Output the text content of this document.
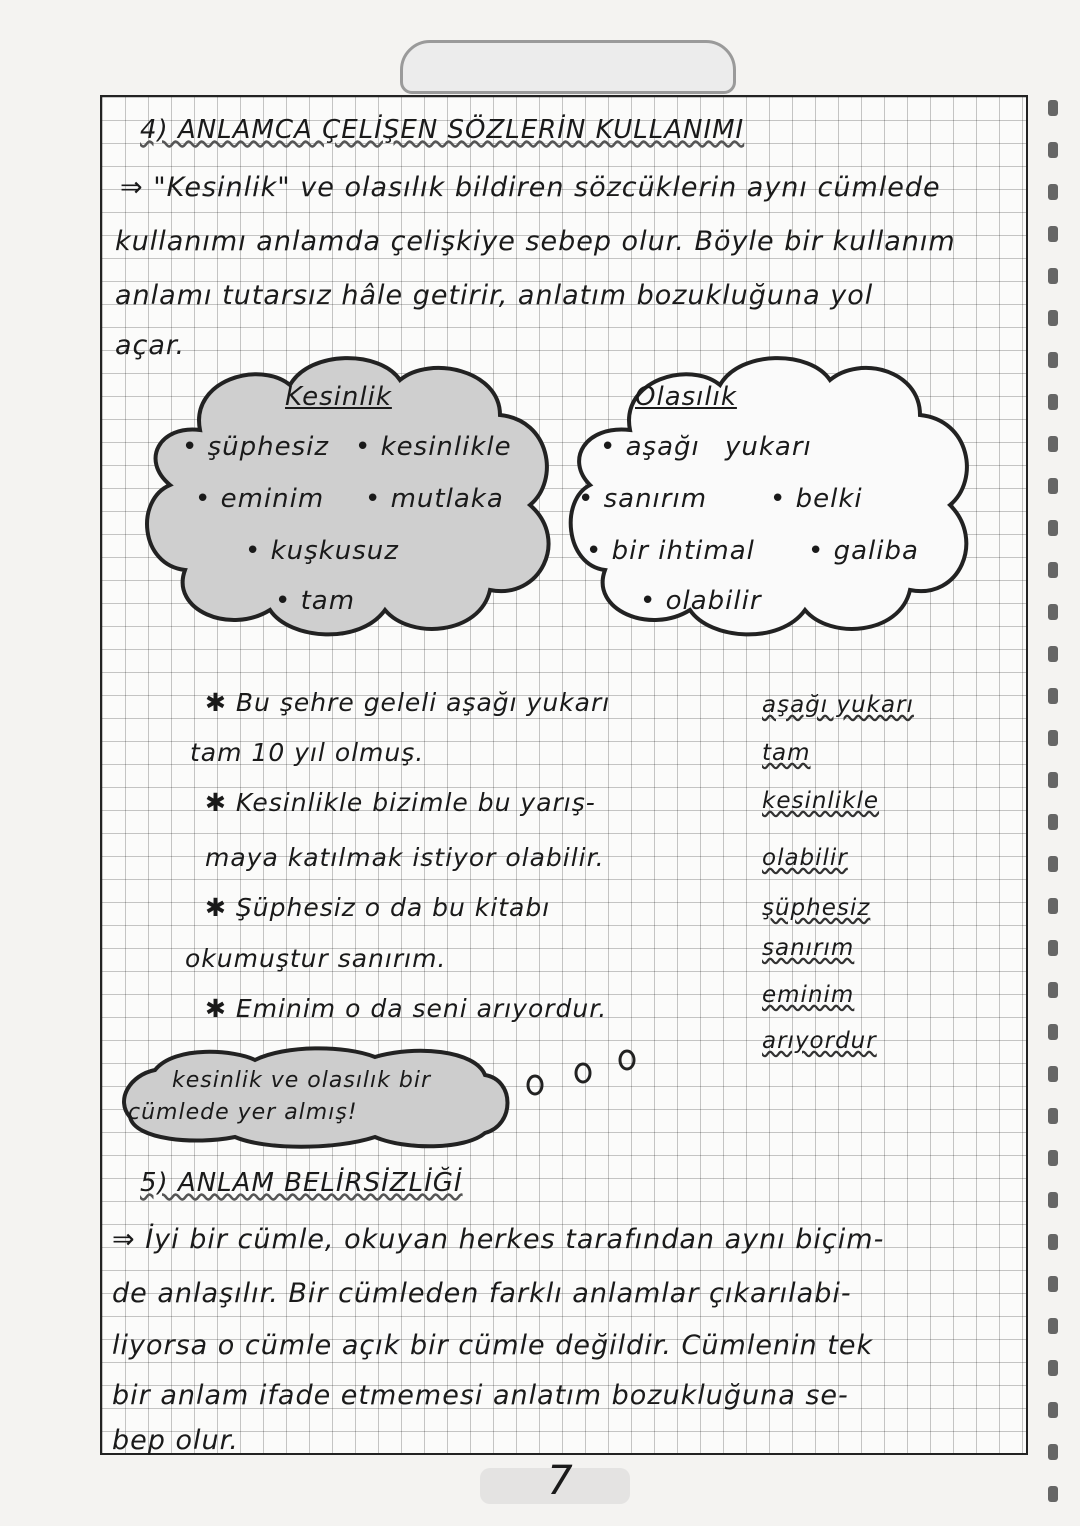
4) ANLAMCA ÇELİŞEN SÖZLERİN KULLANIMI
⇒ "Kesinlik" ve olasılık bildiren sözcüklerin aynı cümlede
kullanımı anlamda çelişkiye sebep olur. Böyle bir kullanım
anlamı tutarsız hâle getirir, anlatım bozukluğuna yol
açar.
Kesinlik
• şüphesiz • kesinlikle
• eminim • mutlaka
• kuşkusuz
• tam
Olasılık
• aşağı yukarı
• sanırım • belki
• bir ihtimal • galiba
• olabilir
✱ Bu şehre geleli aşağı yukarı
tam 10 yıl olmuş.
✱ Kesinlikle bizimle bu yarış-
maya katılmak istiyor olabilir.
✱ Şüphesiz o da bu kitabı
okumuştur sanırım.
✱ Eminim o da seni arıyordur.
aşağı yukarı
tam
kesinlikle
olabilir
şüphesiz
sanırım
eminim
arıyordur
kesinlik ve olasılık bir
cümlede yer almış!
5) ANLAM BELİRSİZLİĞİ
⇒ İyi bir cümle, okuyan herkes tarafından aynı biçim-
de anlaşılır. Bir cümleden farklı anlamlar çıkarılabi-
liyorsa o cümle açık bir cümle değildir. Cümlenin tek
bir anlam ifade etmemesi anlatım bozukluğuna se-
bep olur.
7
